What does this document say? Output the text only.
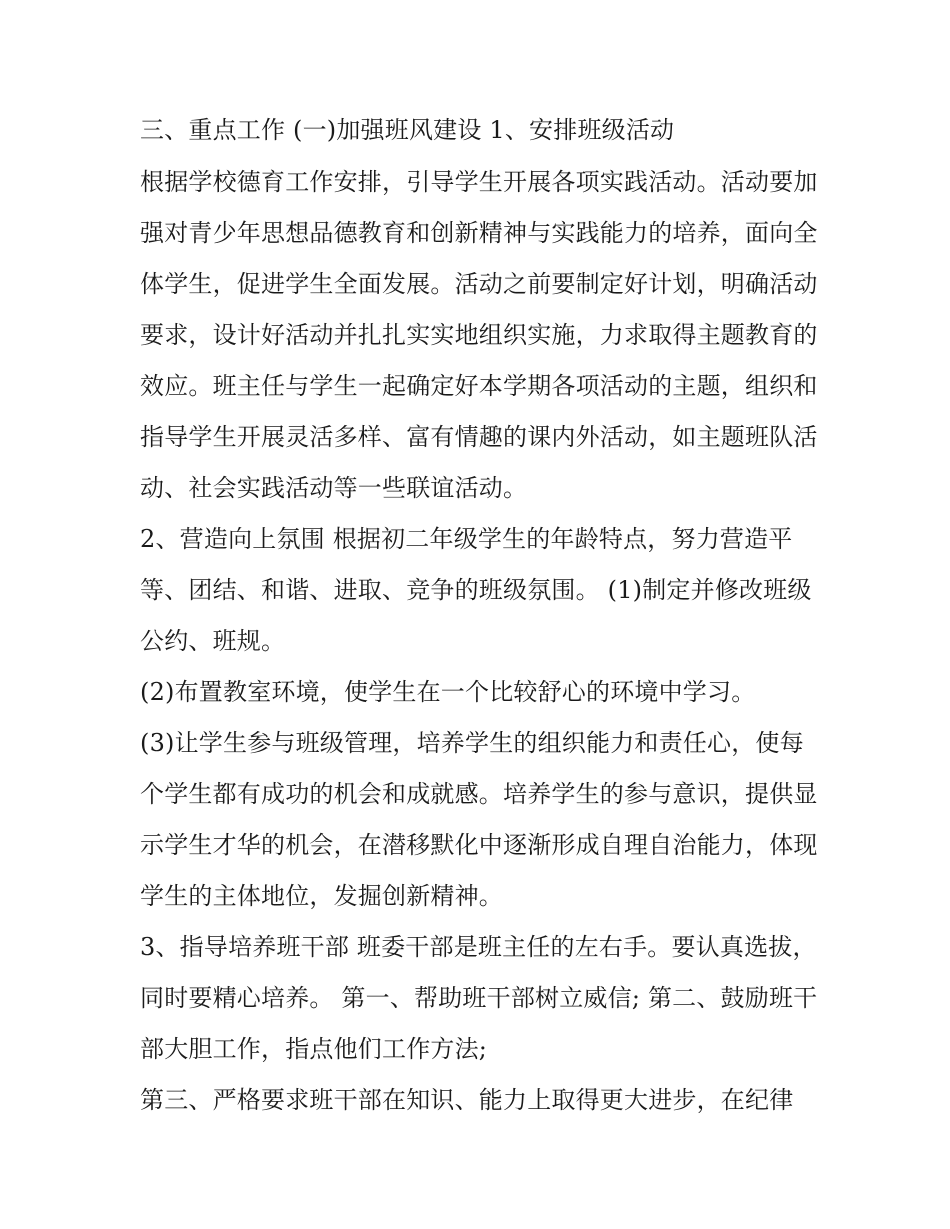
三、重点工作 (一)加强班风建设 1、安排班级活动

根据学校德育工作安排，引导学生开展各项实践活动。活动要加强对青少年思想品德教育和创新精神与实践能力的培养，面向全体学生，促进学生全面发展。活动之前要制定好计划，明确活动要求，设计好活动并扎扎实实地组织实施，力求取得主题教育的效应。班主任与学生一起确定好本学期各项活动的主题，组织和指导学生开展灵活多样、富有情趣的课内外活动，如主题班队活动、社会实践活动等一些联谊活动。

2、营造向上氛围 根据初二年级学生的年龄特点，努力营造平等、团结、和谐、进取、竞争的班级氛围。 (1)制定并修改班级公约、班规。

(2)布置教室环境，使学生在一个比较舒心的环境中学习。

(3)让学生参与班级管理，培养学生的组织能力和责任心，使每个学生都有成功的机会和成就感。培养学生的参与意识，提供显示学生才华的机会，在潜移默化中逐渐形成自理自治能力，体现学生的主体地位，发掘创新精神。

3、指导培养班干部 班委干部是班主任的左右手。要认真选拔，同时要精心培养。 第一、帮助班干部树立威信; 第二、鼓励班干部大胆工作，指点他们工作方法;

第三、严格要求班干部在知识、能力上取得更大进步，在纪律
